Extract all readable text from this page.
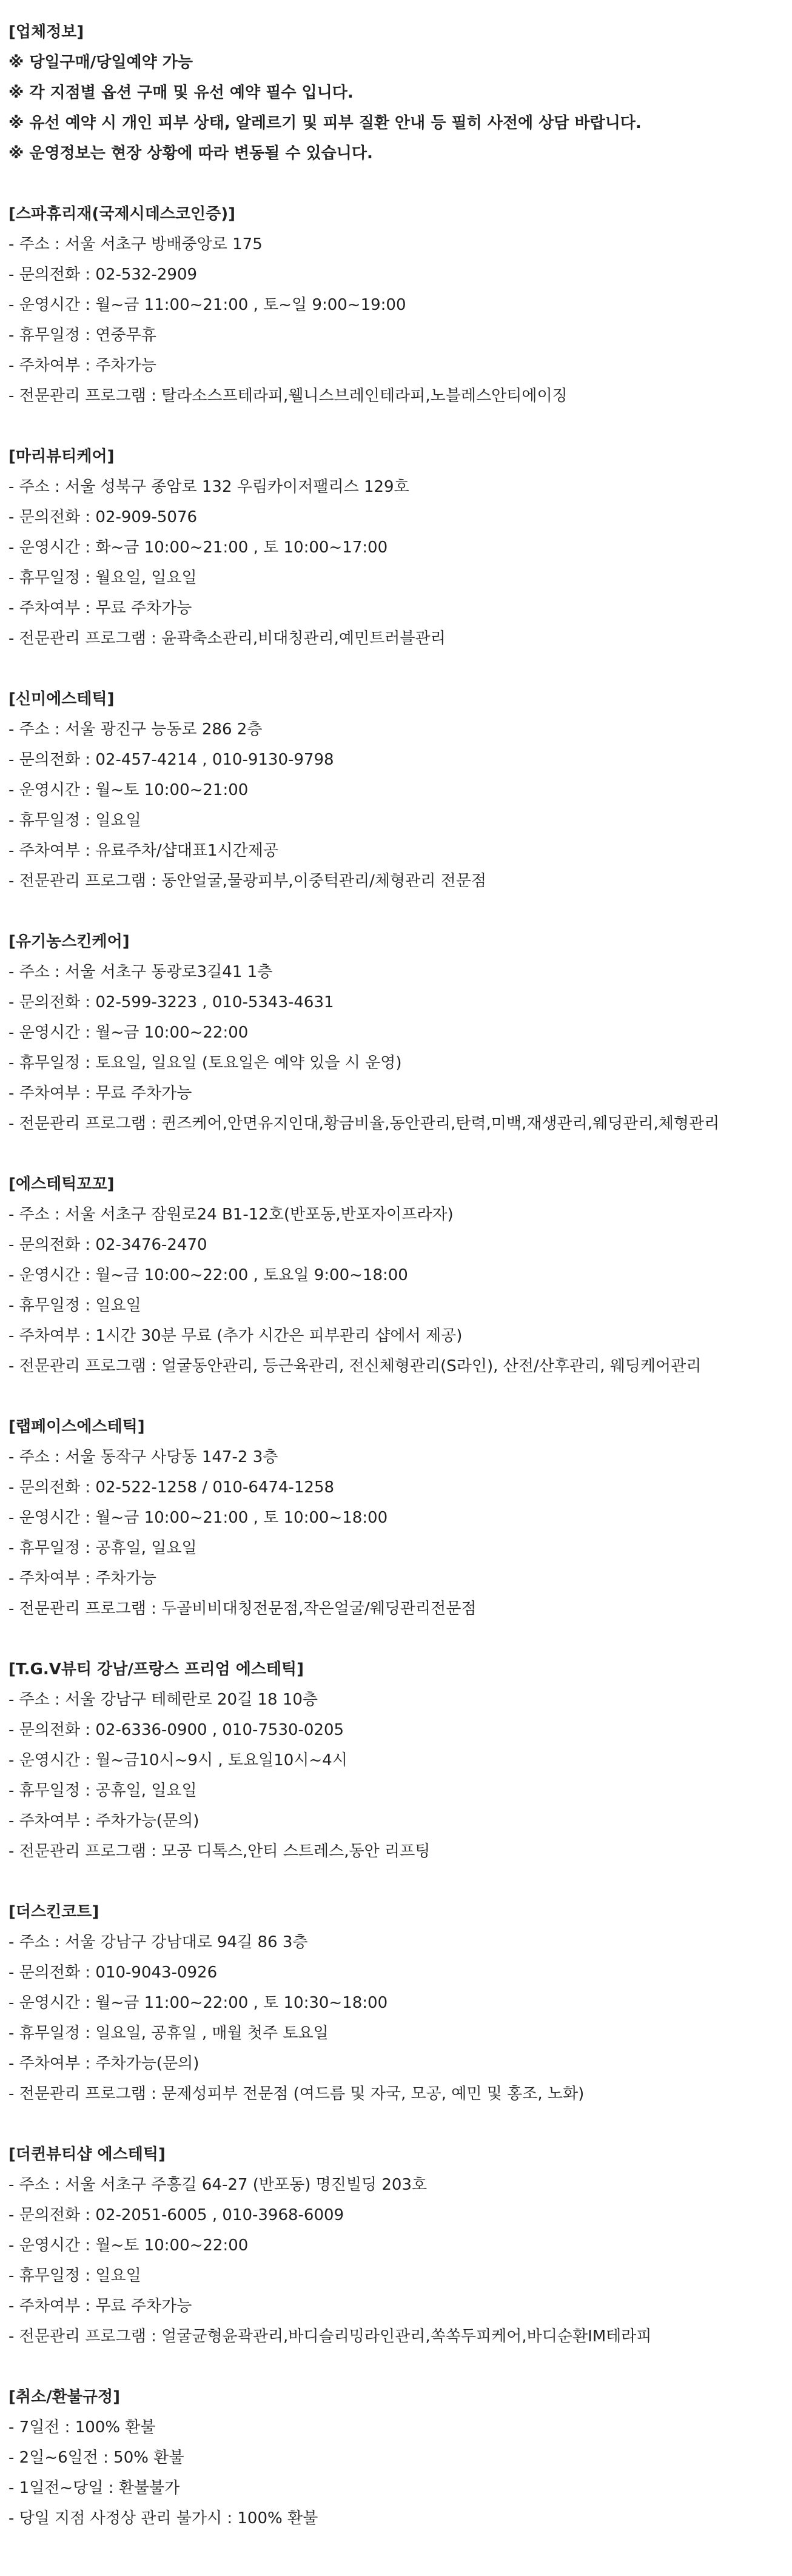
[업체정보]
※ 당일구매/당일예약 가능
※ 각 지점별 옵션 구매 및 유선 예약 필수 입니다.
※ 유선 예약 시 개인 피부 상태, 알레르기 및 피부 질환 안내 등 필히 사전에 상담 바랍니다.
※ 운영정보는 현장 상황에 따라 변동될 수 있습니다.
[스파휴리재(국제시데스코인증)]
- 주소 : 서울 서초구 방배중앙로 175
- 문의전화 : 02-532-2909
- 운영시간 : 월~금 11:00~21:00 , 토~일 9:00~19:00
- 휴무일정 : 연중무휴
- 주차여부 : 주차가능
- 전문관리 프로그램 : 탈라소스프테라피,웰니스브레인테라피,노블레스안티에이징
[마리뷰티케어]
- 주소 : 서울 성북구 종암로 132 우림카이저팰리스 129호
- 문의전화 : 02-909-5076
- 운영시간 : 화~금 10:00~21:00 , 토 10:00~17:00
- 휴무일정 : 월요일, 일요일
- 주차여부 : 무료 주차가능
- 전문관리 프로그램 : 윤곽축소관리,비대칭관리,예민트러블관리
[신미에스테틱]
- 주소 : 서울 광진구 능동로 286 2층
- 문의전화 : 02-457-4214 , 010-9130-9798
- 운영시간 : 월~토 10:00~21:00
- 휴무일정 : 일요일
- 주차여부 : 유료주차/샵대표1시간제공
- 전문관리 프로그램 : 동안얼굴,물광피부,이중턱관리/체형관리 전문점
[유기농스킨케어]
- 주소 : 서울 서초구 동광로3길41 1층
- 문의전화 : 02-599-3223 , 010-5343-4631
- 운영시간 : 월~금 10:00~22:00
- 휴무일정 : 토요일, 일요일 (토요일은 예약 있을 시 운영)
- 주차여부 : 무료 주차가능
- 전문관리 프로그램 : 퀸즈케어,안면유지인대,황금비율,동안관리,탄력,미백,재생관리,웨딩관리,체형관리
[에스테틱꼬꼬]
- 주소 : 서울 서초구 잠원로24 B1-12호(반포동,반포자이프라자)
- 문의전화 : 02-3476-2470
- 운영시간 : 월~금 10:00~22:00 , 토요일 9:00~18:00
- 휴무일정 : 일요일
- 주차여부 : 1시간 30분 무료 (추가 시간은 피부관리 샵에서 제공)
- 전문관리 프로그램 : 얼굴동안관리, 등근육관리, 전신체형관리(S라인), 산전/산후관리, 웨딩케어관리
[랩페이스에스테틱]
- 주소 : 서울 동작구 사당동 147-2 3층
- 문의전화 : 02-522-1258 / 010-6474-1258
- 운영시간 : 월~금 10:00~21:00 , 토 10:00~18:00
- 휴무일정 : 공휴일, 일요일
- 주차여부 : 주차가능
- 전문관리 프로그램 : 두골비비대칭전문점,작은얼굴/웨딩관리전문점
[T.G.V뷰티 강남/프랑스 프리엄 에스테틱]
- 주소 : 서울 강남구 테헤란로 20길 18 10층
- 문의전화 : 02-6336-0900 , 010-7530-0205
- 운영시간 : 월~금10시~9시 , 토요일10시~4시
- 휴무일정 : 공휴일, 일요일
- 주차여부 : 주차가능(문의)
- 전문관리 프로그램 : 모공 디톡스,안티 스트레스,동안 리프팅
[더스킨코트]
- 주소 : 서울 강남구 강남대로 94길 86 3층
- 문의전화 : 010-9043-0926
- 운영시간 : 월~금 11:00~22:00 , 토 10:30~18:00
- 휴무일정 : 일요일, 공휴일 , 매월 첫주 토요일
- 주차여부 : 주차가능(문의)
- 전문관리 프로그램 : 문제성피부 전문점 (여드름 및 자국, 모공, 예민 및 홍조, 노화)
[더퀸뷰티샵 에스테틱]
- 주소 : 서울 서초구 주흥길 64-27 (반포동) 명진빌딩 203호
- 문의전화 : 02-2051-6005 , 010-3968-6009
- 운영시간 : 월~토 10:00~22:00
- 휴무일정 : 일요일
- 주차여부 : 무료 주차가능
- 전문관리 프로그램 : 얼굴균형윤곽관리,바디슬리밍라인관리,쏙쏙두피케어,바디순환IM테라피
[취소/환불규정]
- 7일전 : 100% 환불
- 2일~6일전 : 50% 환불
- 1일전~당일 : 환불불가
- 당일 지점 사정상 관리 불가시 : 100% 환불
